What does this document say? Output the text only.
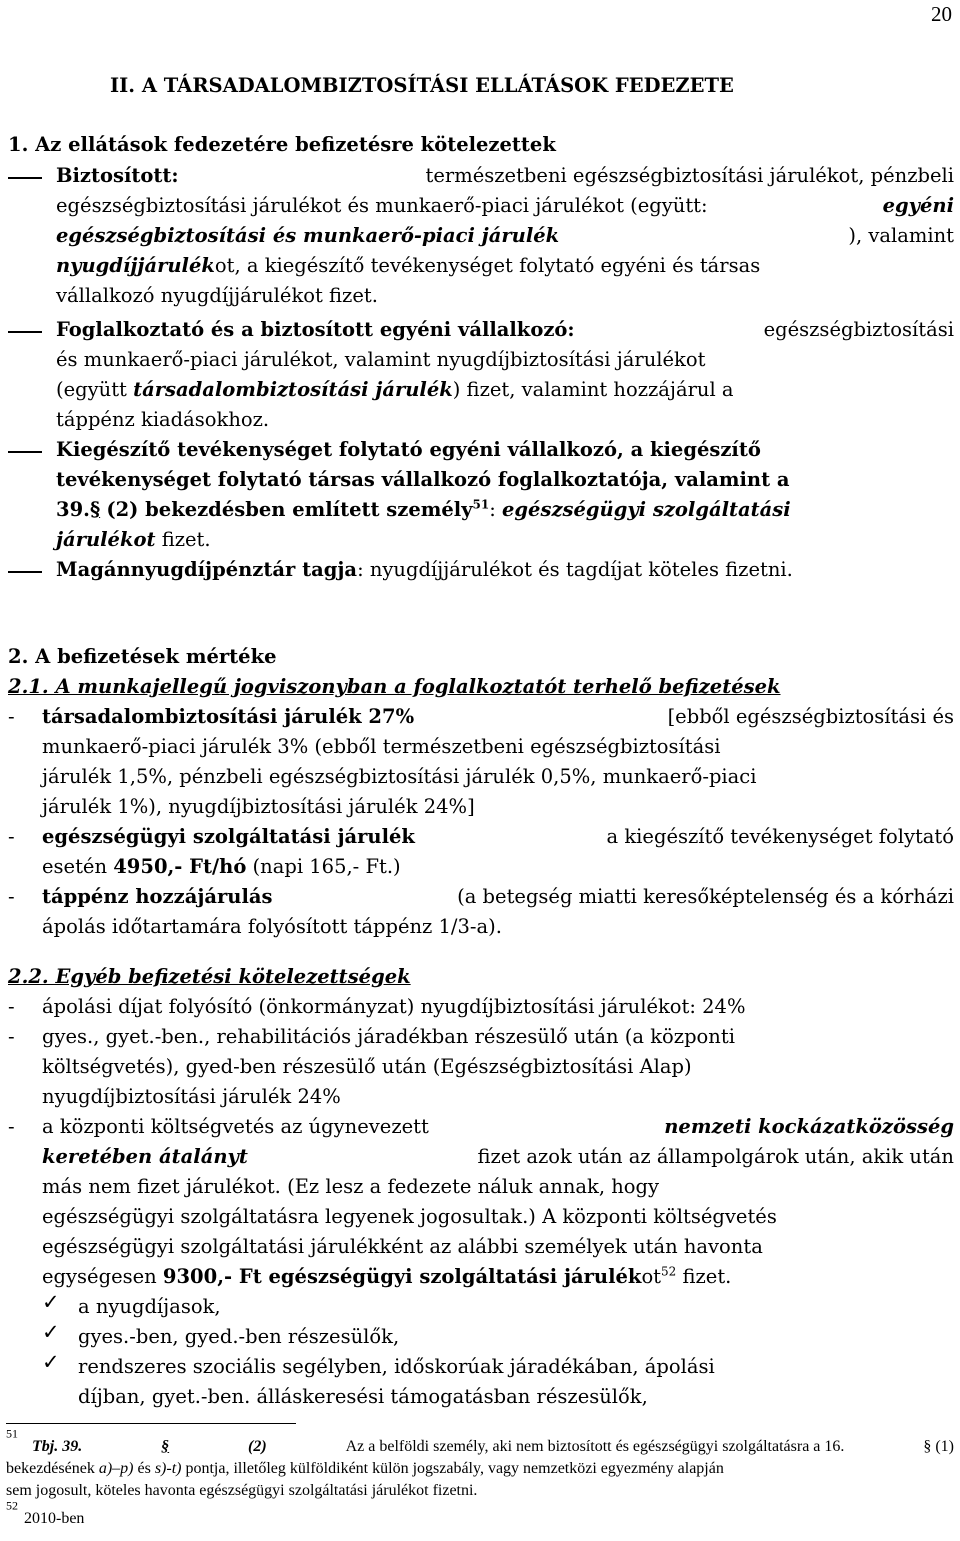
20
II. A TÁRSADALOMBIZTOSÍTÁSI ELLÁTÁSOK FEDEZETE
1. Az ellátások fedezetére befizetésre kötelezettek
Biztosított:	természetbeni egészségbiztosítási járulékot, pénzbeli
egészségbiztosítási járulékot és munkaerő-piaci járulékot (együtt:	egyéni
egészségbiztosítási és munkaerő-piaci járulék	), valamint
nyugdíjjárulékot, a kiegészítő tevékenységet folytató egyéni és társas
vállalkozó nyugdíjjárulékot fizet.
Foglalkoztató és a biztosított egyéni vállalkozó:	egészségbiztosítási
és munkaerő-piaci járulékot, valamint nyugdíjbiztosítási járulékot
(együtt társadalombiztosítási járulék) fizet, valamint hozzájárul a
táppénz kiadásokhoz.
Kiegészítő tevékenységet folytató egyéni vállalkozó, a kiegészítő
tevékenységet folytató társas vállalkozó foglalkoztatója, valamint a
39.§ (2) bekezdésben említett személy$^{51}$: egészségügyi szolgáltatási
járulékot fizet.
Magánnyugdíjpénztár tagja: nyugdíjjárulékot és tagdíjat köteles fizetni.
2. A befizetések mértéke
2.1. A munkajellegű jogviszonyban a foglalkoztatót terhelő befizetések
- társadalombiztosítási járulék 27%	[ebből egészségbiztosítási és
munkaerő-piaci járulék 3% (ebből természetbeni egészségbiztosítási
járulék 1,5%, pénzbeli egészségbiztosítási járulék 0,5%, munkaerő-piaci
járulék 1%), nyugdíjbiztosítási járulék 24%]
- egészségügyi szolgáltatási járulék	a kiegészítő tevékenységet folytató
esetén 4950,- Ft/hó (napi 165,- Ft.)
- táppénz hozzájárulás	(a betegség miatti keresőképtelenség és a kórházi
ápolás időtartamára folyósított táppénz 1/3-a).
2.2. Egyéb befizetési kötelezettségek
- ápolási díjat folyósító (önkormányzat) nyugdíjbiztosítási járulékot: 24%
- gyes., gyet.-ben., rehabilitációs járadékban részesülő után (a központi
költségvetés), gyed-ben részesülő után (Egészségbiztosítási Alap)
nyugdíjbiztosítási járulék 24%
- a központi költségvetés az úgynevezett	nemzeti kockázatközösség
keretében átalányt	fizet azok után az állampolgárok után, akik után
más nem fizet járulékot. (Ez lesz a fedezete náluk annak, hogy
egészségügyi szolgáltatásra legyenek jogosultak.) A központi költségvetés
egészségügyi szolgáltatási járulékként az alábbi személyek után havonta
egységesen 9300,- Ft egészségügyi szolgáltatási járulékot$^{52}$ fizet.
✓ a nyugdíjasok,
✓ gyes.-ben, gyed.-ben részesülők,
✓ rendszeres szociális segélyben, időskorúak járadékában, ápolási
díjban, gyet.-ben. álláskeresési támogatásban részesülők,
$^{51}$
Tbj. 39.	§	(2)	Az a belföldi személy, aki nem biztosított és egészségügyi szolgáltatásra a 16.	§ (1)
bekezdésének a)–p) és s)-t) pontja, illetőleg külföldiként külön jogszabály, vagy nemzetközi egyezmény alapján
sem jogosult, köteles havonta egészségügyi szolgáltatási járulékot fizetni.
$^{52}$
2010-ben
